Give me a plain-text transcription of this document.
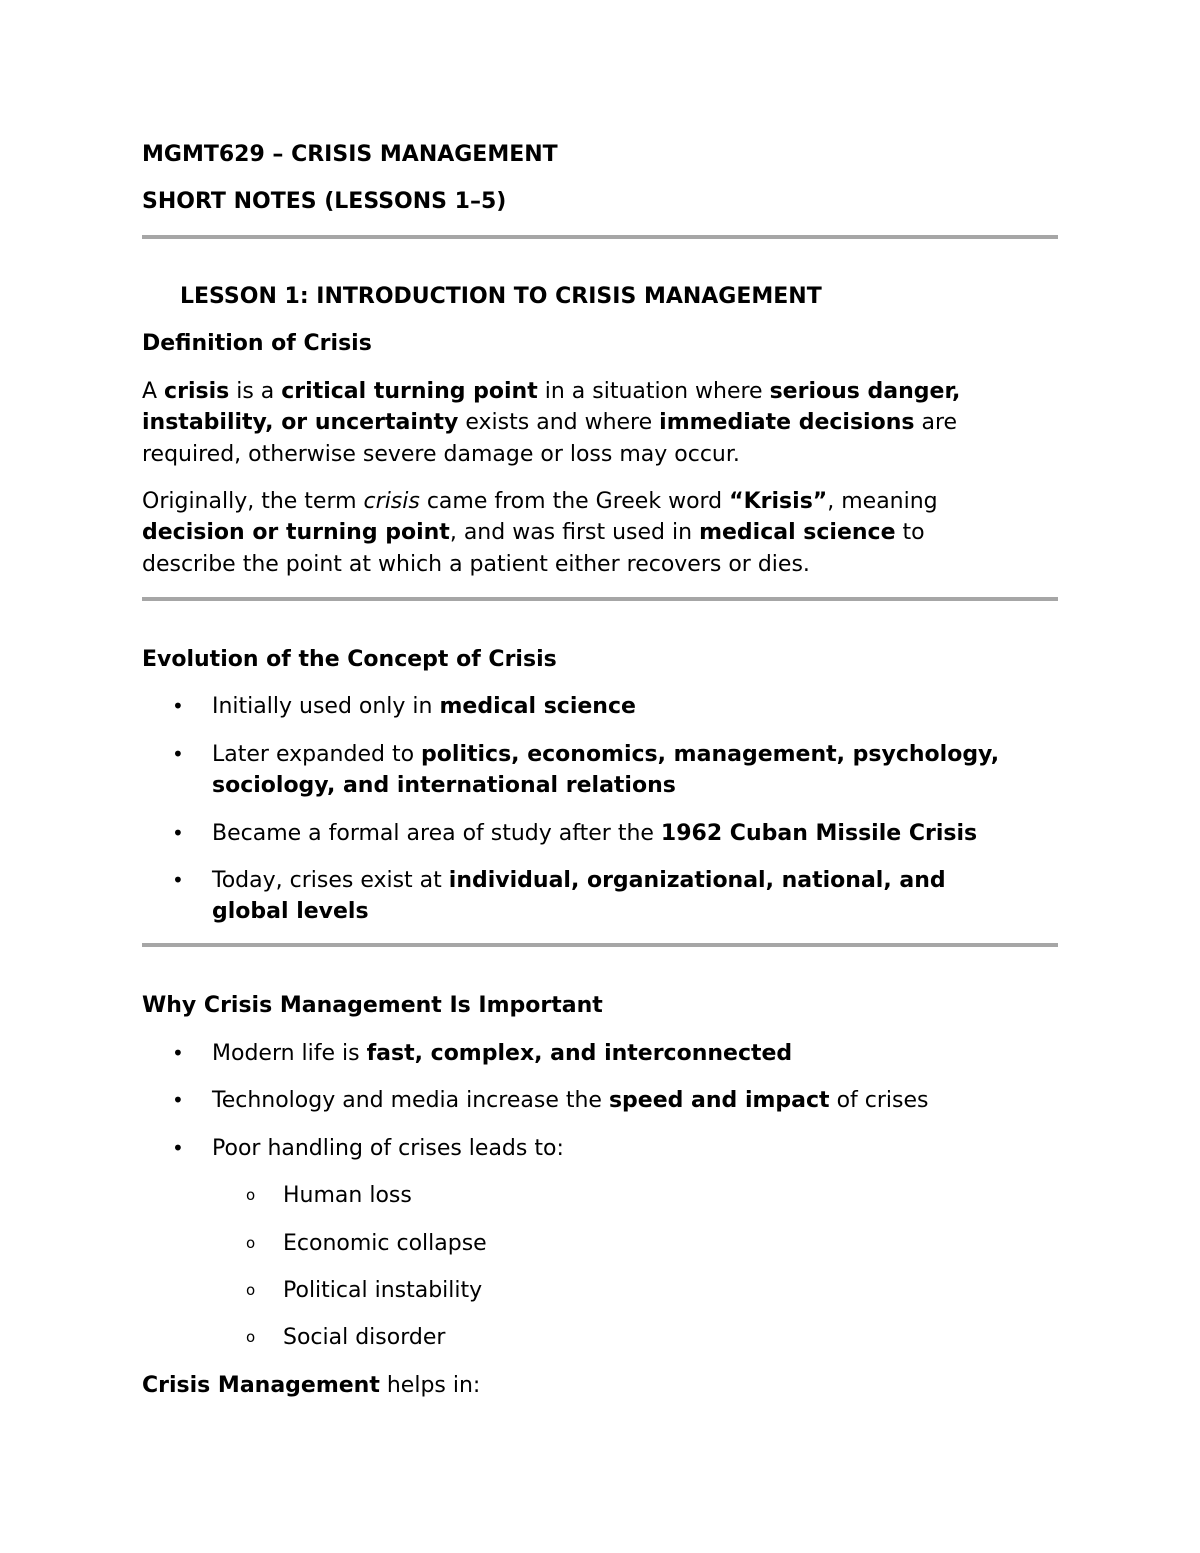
MGMT629 – CRISIS MANAGEMENT
SHORT NOTES (LESSONS 1–5)
LESSON 1: INTRODUCTION TO CRISIS MANAGEMENT
Definition of Crisis
A crisis is a critical turning point in a situation where serious danger,
instability, or uncertainty exists and where immediate decisions are
required, otherwise severe damage or loss may occur.
Originally, the term crisis came from the Greek word “Krisis”, meaning
decision or turning point, and was first used in medical science to
describe the point at which a patient either recovers or dies.
Evolution of the Concept of Crisis
• Initially used only in medical science
• Later expanded to politics, economics, management, psychology,
sociology, and international relations
• Became a formal area of study after the 1962 Cuban Missile Crisis
• Today, crises exist at individual, organizational, national, and
global levels
Why Crisis Management Is Important
• Modern life is fast, complex, and interconnected
• Technology and media increase the speed and impact of crises
• Poor handling of crises leads to:
o Human loss
o Economic collapse
o Political instability
o Social disorder
Crisis Management helps in:
